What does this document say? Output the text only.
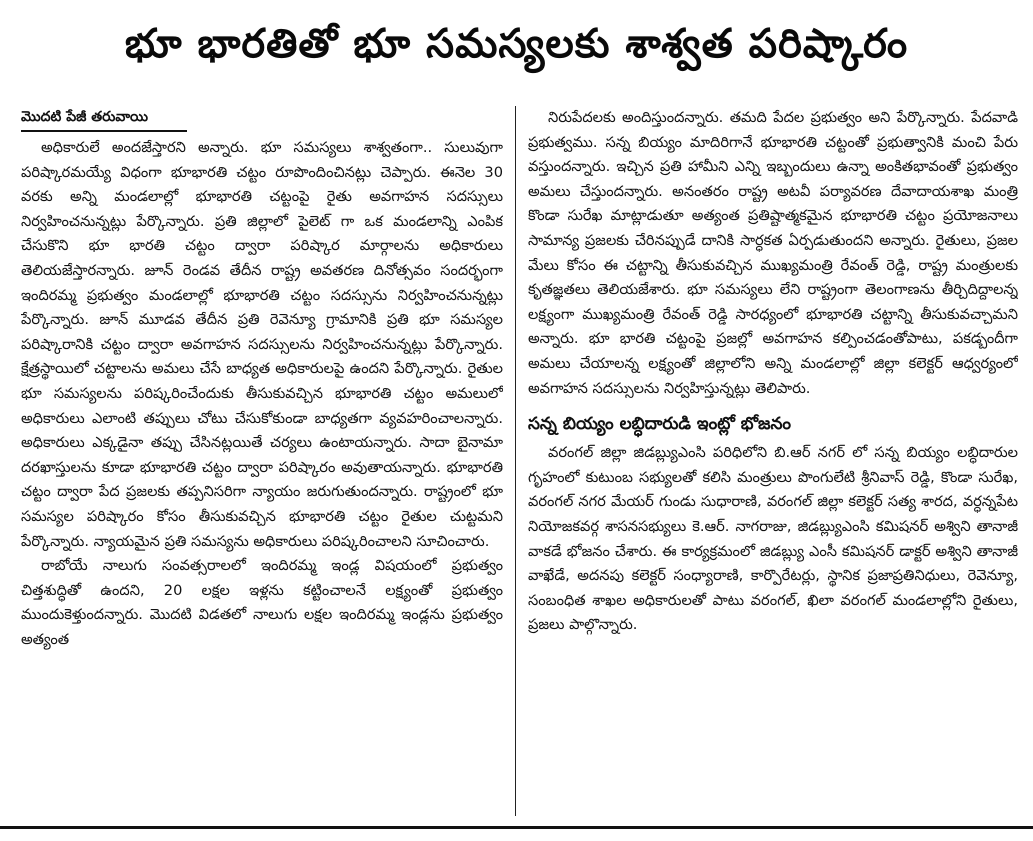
భూ భారతితో భూ సమస్యలకు శాశ్వత పరిష్కారం
మొదటి పేజీ తరువాయి

అధికారులే అందజేస్తారని అన్నారు. భూ సమస్యలు శాశ్వతంగా.. సులువుగా పరిష్కారమయ్యే విధంగా భూభారతి చట్టం రూపొందించినట్లు చెప్పారు. ఈనెల 30 వరకు అన్ని మండలాల్లో భూభారతి చట్టంపై రైతు అవగాహన సదస్సులు నిర్వహించనున్నట్లు పేర్కొన్నారు. ప్రతి జిల్లాలో పైలెట్ గా ఒక మండలాన్ని ఎంపిక చేసుకొని భూ భారతి చట్టం ద్వారా పరిష్కార మార్గాలను అధికారులు తెలియజేస్తారన్నారు. జూన్ రెండవ తేదీన రాష్ట్ర అవతరణ దినోత్సవం సందర్భంగా ఇందిరమ్మ ప్రభుత్వం మండలాల్లో భూభారతి చట్టం సదస్సును నిర్వహించనున్నట్లు పేర్కొన్నారు. జూన్ మూడవ తేదీన ప్రతి రెవెన్యూ గ్రామానికి ప్రతి భూ సమస్యల పరిష్కారానికి చట్టం ద్వారా అవగాహన సదస్సులను నిర్వహించనున్నట్లు పేర్కొన్నారు. క్షేత్రస్థాయిలో చట్టాలను అమలు చేసే బాధ్యత అధికారులపై ఉందని పేర్కొన్నారు. రైతుల భూ సమస్యలను పరిష్కరించేందుకు తీసుకువచ్చిన భూభారతి చట్టం అమలులో అధికారులు ఎలాంటి తప్పులు చోటు చేసుకోకుండా బాధ్యతగా వ్యవహరించాలన్నారు. అధికారులు ఎక్కడైనా తప్పు చేసినట్లయితే చర్యలు ఉంటాయన్నారు. సాదా బైనామా దరఖాస్తులను కూడా భూభారతి చట్టం ద్వారా పరిష్కారం అవుతాయన్నారు. భూభారతి చట్టం ద్వారా పేద ప్రజలకు తప్పనిసరిగా న్యాయం జరుగుతుందన్నారు. రాష్ట్రంలో భూ సమస్యల పరిష్కారం కోసం తీసుకువచ్చిన భూభారతి చట్టం రైతుల చుట్టమని పేర్కొన్నారు. న్యాయమైన ప్రతి సమస్యను అధికారులు పరిష్కరించాలని సూచించారు.

రాబోయే నాలుగు సంవత్సరాలలో ఇందిరమ్మ ఇండ్ల విషయంలో ప్రభుత్వం చిత్తశుద్ధితో ఉందని, 20 లక్షల ఇళ్లను కట్టించాలనే లక్ష్యంతో ప్రభుత్వం ముందుకెళ్తుందన్నారు. మొదటి విడతలో నాలుగు లక్షల ఇందిరమ్మ ఇండ్లను ప్రభుత్వం అత్యంత

నిరుపేదలకు అందిస్తుందన్నారు. తమది పేదల ప్రభుత్వం అని పేర్కొన్నారు. పేదవాడి ప్రభుత్వము. సన్న బియ్యం మాదిరిగానే భూభారతి చట్టంతో ప్రభుత్వానికి మంచి పేరు వస్తుందన్నారు. ఇచ్చిన ప్రతి హామీని ఎన్ని ఇబ్బందులు ఉన్నా అంకితభావంతో ప్రభుత్వం అమలు చేస్తుందన్నారు. అనంతరం రాష్ట్ర అటవీ పర్యావరణ దేవాదాయశాఖ మంత్రి కొండా సురేఖ మాట్లాడుతూ అత్యంత ప్రతిష్టాత్మకమైన భూభారతి చట్టం ప్రయోజనాలు సామాన్య ప్రజలకు చేరినప్పుడే దానికి సార్ధకత ఏర్పడుతుందని అన్నారు. రైతులు, ప్రజల మేలు కోసం ఈ చట్టాన్ని తీసుకువచ్చిన ముఖ్యమంత్రి రేవంత్ రెడ్డి, రాష్ట్ర మంత్రులకు కృతజ్ఞతలు తెలియజేశారు. భూ సమస్యలు లేని రాష్ట్రంగా తెలంగాణను తీర్చిదిద్దాలన్న లక్ష్యంగా ముఖ్యమంత్రి రేవంత్ రెడ్డి సారధ్యంలో భూభారతి చట్టాన్ని తీసుకువచ్చామని అన్నారు. భూ భారతి చట్టంపై ప్రజల్లో అవగాహన కల్పించడంతోపాటు, పకడ్బందీగా అమలు చేయాలన్న లక్ష్యంతో జిల్లాలోని అన్ని మండలాల్లో జిల్లా కలెక్టర్ ఆధ్వర్యంలో అవగాహన సదస్సులను నిర్వహిస్తున్నట్లు తెలిపారు.

సన్న బియ్యం లబ్ధిదారుడి ఇంట్లో భోజనం

వరంగల్ జిల్లా జిడబ్ల్యుఎంసి పరిధిలోని బి.ఆర్ నగర్ లో సన్న బియ్యం లబ్ధిదారుల గృహంలో కుటుంబ సభ్యులతో కలిసి మంత్రులు పొంగులేటి శ్రీనివాస్ రెడ్డి, కొండా సురేఖ, వరంగల్ నగర మేయర్ గుండు సుధారాణి, వరంగల్ జిల్లా కలెక్టర్ సత్య శారద, వర్ధన్నపేట నియోజకవర్గ శాసనసభ్యులు కె.ఆర్. నాగరాజు, జిడబ్ల్యుఎంసి కమిషనర్ అశ్విని తానాజీ వాకడే భోజనం చేశారు. ఈ కార్యక్రమంలో జిడబ్ల్యు ఎంసీ కమిషనర్ డాక్టర్ అశ్విని తానాజీ వాఖేడే, అదనపు కలెక్టర్ సంధ్యారాణి, కార్పొరేటర్లు, స్థానిక ప్రజాప్రతినిధులు, రెవెన్యూ, సంబంధిత శాఖల అధికారులతో పాటు వరంగల్, ఖిలా వరంగల్ మండలాల్లోని రైతులు, ప్రజలు పాల్గొన్నారు.
